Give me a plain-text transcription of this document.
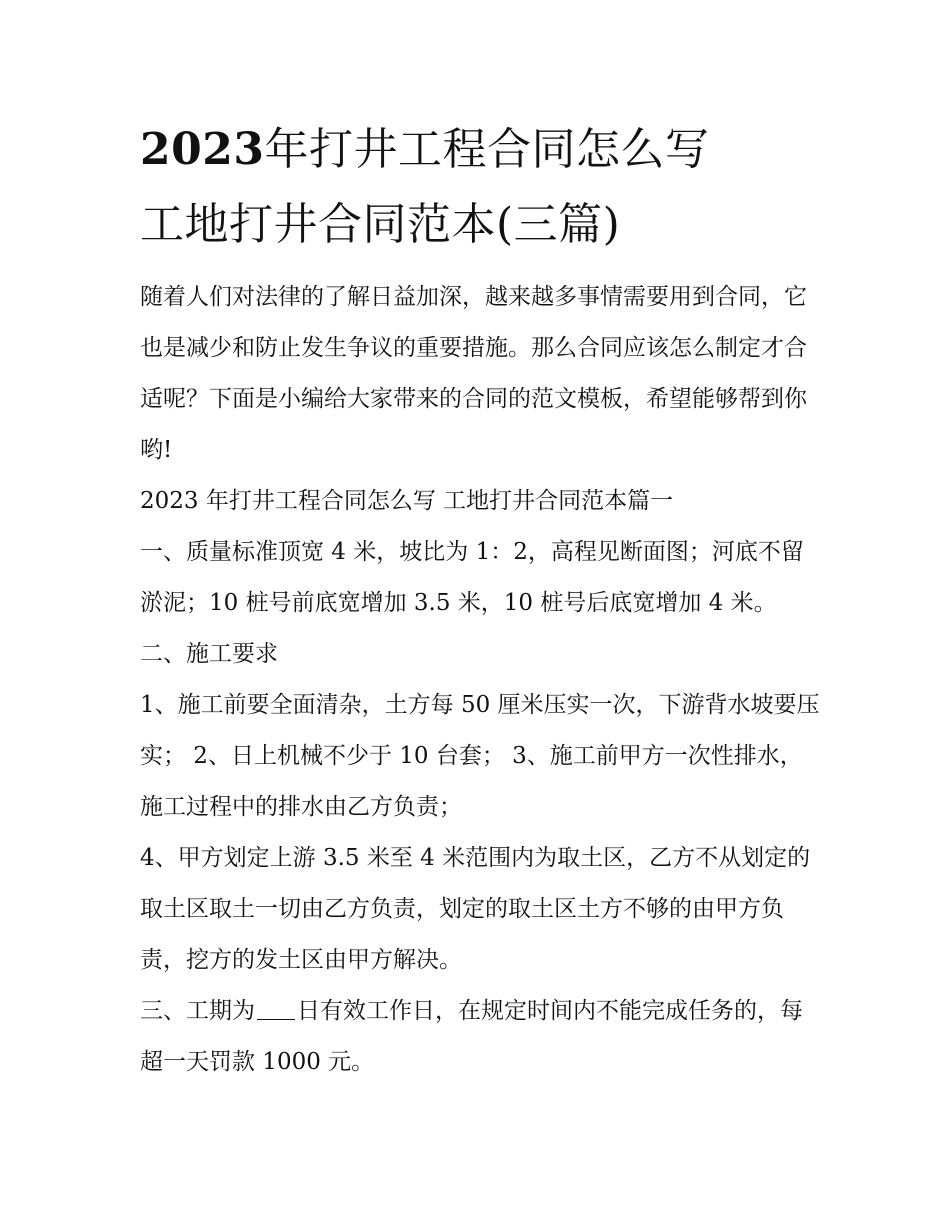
2023年打井工程合同怎么写
工地打井合同范本(三篇)

随着人们对法律的了解日益加深，越来越多事情需要用到合同，它也是减少和防止发生争议的重要措施。那么合同应该怎么制定才合适呢？下面是小编给大家带来的合同的范文模板，希望能够帮到你哟!

2023 年打井工程合同怎么写 工地打井合同范本篇一

一、质量标准顶宽 4 米，坡比为 1：2，高程见断面图；河底不留淤泥；10 桩号前底宽增加 3.5 米，10 桩号后底宽增加 4 米。

二、施工要求

1、施工前要全面清杂，土方每 50 厘米压实一次，下游背水坡要压实； 2、日上机械不少于 10 台套； 3、施工前甲方一次性排水，施工过程中的排水由乙方负责；

4、甲方划定上游 3.5 米至 4 米范围内为取土区，乙方不从划定的取土区取土一切由乙方负责，划定的取土区土方不够的由甲方负责，挖方的发土区由甲方解决。

三、工期为 日有效工作日，在规定时间内不能完成任务的，每超一天罚款 1000 元。
